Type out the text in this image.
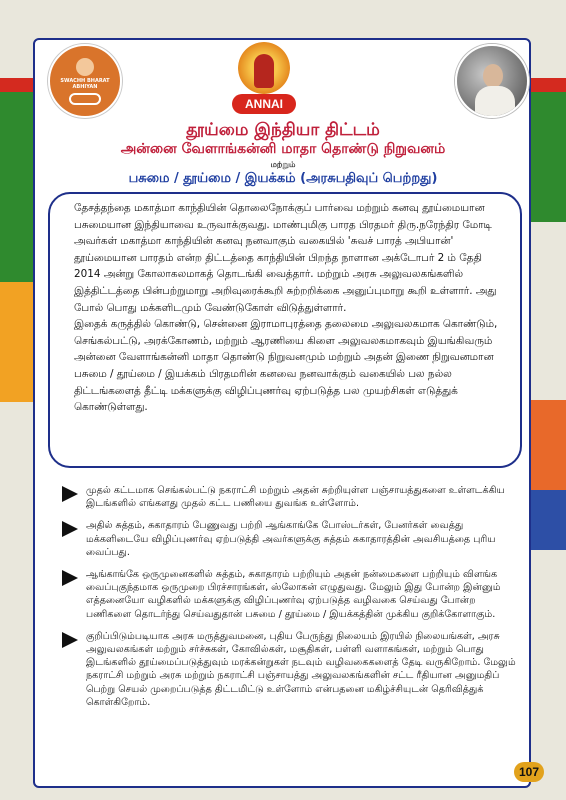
SWACHH BHARAT ABHIYAN
ANNAI
தூய்மை இந்தியா திட்டம்
அன்னை வேளாங்கன்னி மாதா தொண்டு நிறுவனம்
மற்றும்
பசுமை / தூய்மை / இயக்கம் (அரசுபதிவுப் பெற்றது)

தேசத்தந்தை மகாத்மா காந்தியின் தொலைநோக்குப் பார்வை மற்றும் கனவு தூய்மையான பசுமையான இந்தியாவை உருவாக்குவது. மாண்புமிகு பாரத பிரதமர் திரு.நரேந்திர மோடி அவர்கள் மகாத்மா காந்தியின் கனவு நனவாகும் வகையில் 'சுவச் பாரத் அபியான்' தூய்மையான பாரதம் என்ற திட்டத்தை காந்தியின் பிறந்த நாளான அக்டோபர் 2 ம் தேதி 2014 அன்று கோலாகலமாகத் தொடங்கி வைத்தார். மற்றும் அரசு அலுவலகங்களில் இத்திட்டத்தை பின்பற்றுமாறு அறிவுரைக்கூறி சுற்றறிக்கை அனுப்புமாறு கூறி உள்ளார். அது போல் பொது மக்களிடமும் வேண்டுகோள் விடுத்துள்ளார்.

இதைக் கருத்தில் கொண்டு, சென்னை இராமாபுரத்தை தலைமை அலுவலகமாக கொண்டும், செங்கல்பட்டு, அரக்கோணம், மற்றும் ஆரணியை கிளை அலுவலகமாகவும் இயங்கிவரும் அன்னை வேளாங்கன்னி மாதா தொண்டு நிறுவனமும் மற்றும் அதன் இணை நிறுவனமான பசுமை / தூய்மை / இயக்கம் பிரதமரின் கனவை நனவாக்கும் வகையில் பல நல்ல திட்டங்களைத் தீட்டி மக்களுக்கு விழிப்புணர்வு ஏற்படுத்த பல முயற்சிகள் எடுத்துக் கொண்டுள்ளது.

முதல் கட்டமாக செங்கல்பட்டு நகராட்சி மற்றும் அதன் சுற்றியுள்ள பஞ்சாயத்துகளை உள்ளடக்கிய இடங்களில் எங்களது முதல் கட்ட பணியை துவங்க உள்ளோம்.
அதில் சுத்தம், சுகாதாரம் பேணுவது பற்றி ஆங்காங்கே போஸ்டர்கள், பேனர்கள் வைத்து மக்களிடையே விழிப்புணர்வு ஏற்படுத்தி அவர்களுக்கு சுத்தம் சுகாதாரத்தின் அவசியத்தை புரிய வைப்பது.
ஆங்காங்கே ஒருமுனைகளில் சுத்தம், சுகாதாரம் பற்றியும் அதன் நன்மைகளை பற்றியும் விளங்க வைப்புகுந்தமாக ஒருமுறை பிரச்சாரங்கள், ஸ்லோகன் எழுதுவது. மேலும் இது போன்ற இன்னும் எத்தனையோ வழிகளில் மக்களுக்கு விழிப்புணர்வு ஏற்படுத்த வழிவகை செய்வது போன்ற பணிகளை தொடர்ந்து செய்வதுதான் பசுமை / தூய்மை / இயக்கத்தின் முக்கிய குறிக்கோளாகும்.
குறிப்பிடும்படியாக அரசு மருத்துவமனை, புதிய பேருந்து நிலையம் இரயில் நிலையங்கள், அரசு அலுவலகங்கள் மற்றும் சர்ச்சுகள், கோவில்கள், மசூதிகள், பள்ளி வளாகங்கள், மற்றும் பொது இடங்களில் தூய்மைப்படுத்துவும் மரக்கன்றுகள் நடவும் வழிவகைகளைத் தேடி வருகிறோம். மேலும் நகராட்சி மற்றும் அரசு மற்றும் நகராட்சி பஞ்சாயத்து அலுவலகங்களின் சட்ட ரீதியான அனுமதிப் பெற்று செயல் முறைப்படுத்த திட்டமிட்டு உள்ளோம் என்பதனை மகிழ்ச்சியுடன் தெரிவித்துக் கொள்கிறோம்.
107
